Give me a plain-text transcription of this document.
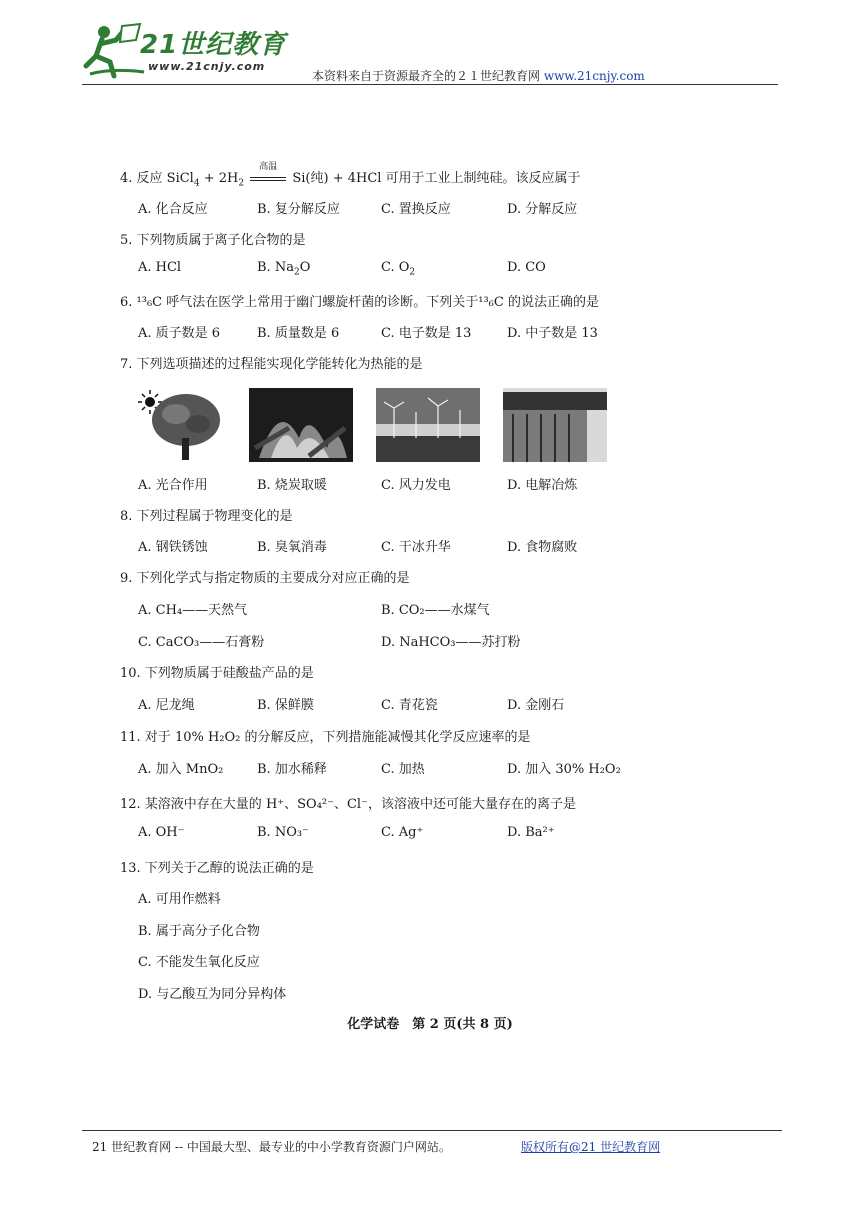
21世纪教育
www.21cnjy.com
本资料来自于资源最齐全的２１世纪教育网 www.21cnjy.com
4. 反应 SiCl$_4$ + $2H_2$
高温
Si(纯) + 4HCl 可用于工业上制纯硅。该反应属于
A. 化合反应	B. 复分解反应	C. 置换反应	D. 分解反应
5. 下列物质属于离子化合物的是
A. HCl	B. $Na_2O$	C. $O_2$	D. CO
6. ¹³₆C 呼气法在医学上常用于幽门螺旋杆菌的诊断。下列关于¹³₆C 的说法正确的是
A. 质子数是 6	B. 质量数是 6	C. 电子数是 13	D. 中子数是 13
7. 下列选项描述的过程能实现化学能转化为热能的是
A. 光合作用	B. 烧炭取暖	C. 风力发电	D. 电解冶炼
8. 下列过程属于物理变化的是
A. 钢铁锈蚀	B. 臭氧消毒	C. 干冰升华	D. 食物腐败
9. 下列化学式与指定物质的主要成分对应正确的是
A. CH₄——天然气	B. CO₂——水煤气
C. CaCO₃——石膏粉	D. NaHCO₃——苏打粉
10. 下列物质属于硅酸盐产品的是
A. 尼龙绳	B. 保鲜膜	C. 青花瓷	D. 金刚石
11. 对于 10% H₂O₂ 的分解反应，下列措施能减慢其化学反应速率的是
A. 加入 MnO₂	B. 加水稀释	C. 加热	D. 加入 30% H₂O₂
12. 某溶液中存在大量的 H⁺、SO₄²⁻、Cl⁻，该溶液中还可能大量存在的离子是
A. OH⁻	B. NO₃⁻	C. Ag⁺	D. Ba²⁺
13. 下列关于乙醇的说法正确的是
A. 可用作燃料
B. 属于高分子化合物
C. 不能发生氧化反应
D. 与乙酸互为同分异构体
化学试卷　第 2 页(共 8 页)
21 世纪教育网 -- 中国最大型、最专业的中小学教育资源门户网站。	版权所有@21 世纪教育网
